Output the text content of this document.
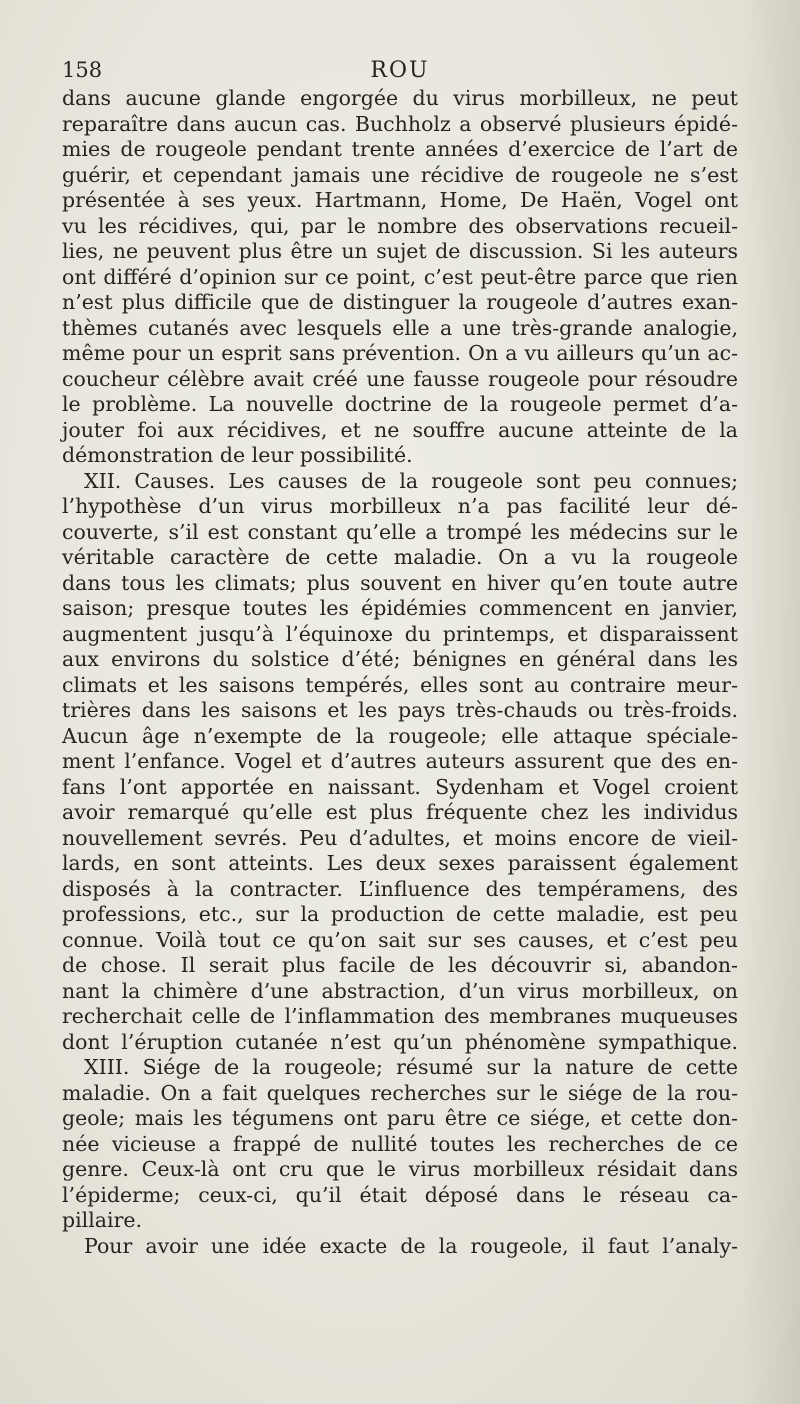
158	ROU
dans aucune glande engorgée du virus morbilleux, ne peut
reparaître dans aucun cas. Buchholz a observé plusieurs épidé-
mies de rougeole pendant trente années d’exercice de l’art de
guérir, et cependant jamais une récidive de rougeole ne s’est
présentée à ses yeux. Hartmann, Home, De Haën, Vogel ont
vu les récidives, qui, par le nombre des observations recueil-
lies, ne peuvent plus être un sujet de discussion. Si les auteurs
ont différé d’opinion sur ce point, c’est peut-être parce que rien
n’est plus difficile que de distinguer la rougeole d’autres exan-
thèmes cutanés avec lesquels elle a une très-grande analogie,
même pour un esprit sans prévention. On a vu ailleurs qu’un ac-
coucheur célèbre avait créé une fausse rougeole pour résoudre
le problème. La nouvelle doctrine de la rougeole permet d’a-
jouter foi aux récidives, et ne souffre aucune atteinte de la
démonstration de leur possibilité.
XII. Causes. Les causes de la rougeole sont peu connues;
l’hypothèse d’un virus morbilleux n’a pas facilité leur dé-
couverte, s’il est constant qu’elle a trompé les médecins sur le
véritable caractère de cette maladie. On a vu la rougeole
dans tous les climats; plus souvent en hiver qu’en toute autre
saison; presque toutes les épidémies commencent en janvier,
augmentent jusqu’à l’équinoxe du printemps, et disparaissent
aux environs du solstice d’été; bénignes en général dans les
climats et les saisons tempérés, elles sont au contraire meur-
trières dans les saisons et les pays très-chauds ou très-froids.
Aucun âge n’exempte de la rougeole; elle attaque spéciale-
ment l’enfance. Vogel et d’autres auteurs assurent que des en-
fans l’ont apportée en naissant. Sydenham et Vogel croient
avoir remarqué qu’elle est plus fréquente chez les individus
nouvellement sevrés. Peu d’adultes, et moins encore de vieil-
lards, en sont atteints. Les deux sexes paraissent également
disposés à la contracter. L’influence des tempéramens, des
professions, etc., sur la production de cette maladie, est peu
connue. Voilà tout ce qu’on sait sur ses causes, et c’est peu
de chose. Il serait plus facile de les découvrir si, abandon-
nant la chimère d’une abstraction, d’un virus morbilleux, on
recherchait celle de l’inflammation des membranes muqueuses
dont l’éruption cutanée n’est qu’un phénomène sympathique.
XIII. Siége de la rougeole; résumé sur la nature de cette
maladie. On a fait quelques recherches sur le siége de la rou-
geole; mais les tégumens ont paru être ce siége, et cette don-
née vicieuse a frappé de nullité toutes les recherches de ce
genre. Ceux-là ont cru que le virus morbilleux résidait dans
l’épiderme; ceux-ci, qu’il était déposé dans le réseau ca-
pillaire.
Pour avoir une idée exacte de la rougeole, il faut l’analy-
